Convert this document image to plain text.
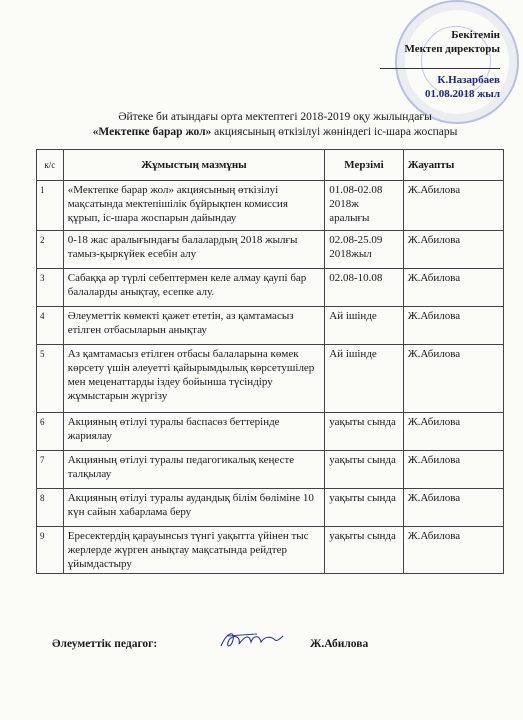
Бекітемін
Мектеп директоры
К.Назарбаев
01.08.2018 жыл
Әйтеке би атындағы орта мектептегі 2018-2019 оқу жылындағы
«Мектепке барар жол» акциясының өткізілуі жөніндегі іс-шара жоспары
к/с	Жұмыстың мазмұны	Мерзімі	Жауапты
1	«Мектепке барар жол» акциясының өткізілуі мақсатында мектепішілік бұйрықпен комиссия құрып, іс-шара жоспарын дайындау	01.08-02.08 2018ж аралығы	Ж.Абилова
2	0-18 жас аралығындағы балалардың 2018 жылғы тамыз-қыркүйек есебін алу	02.08-25.09 2018жыл	Ж.Абилова
3	Сабаққа әр түрлі себептермен келе алмау қаупі бар балаларды анықтау, есепке алу.	02.08-10.08	Ж.Абилова
4	Әлеуметтік көмекті қажет ететін, аз қамтамасыз етілген отбасыларын анықтау	Ай ішінде	Ж.Абилова
5	Аз қамтамасыз етілген отбасы балаларына көмек көрсету үшін әлеуетті қайырымдылық көрсетушілер мен меценаттарды іздеу бойынша түсіндіру жұмыстарын жүргізу	Ай ішінде	Ж.Абилова
6	Акцияның өтілуі туралы баспасөз беттерінде жариялау	уақыты сында	Ж.Абилова
7	Акцияның өтілуі туралы педагогикалық кеңесте талқылау	уақыты сында	Ж.Абилова
8	Акцияның өтілуі туралы аудандық білім бөліміне 10 күн сайын хабарлама беру	уақыты сында	Ж.Абилова
9	Ересектердің қарауынсыз түнгі уақытта үйінен тыс жерлерде жүрген анықтау мақсатында рейдтер ұйымдастыру	уақыты сында	Ж.Абилова
Әлеуметтік педагог:	Ж.Абилова
